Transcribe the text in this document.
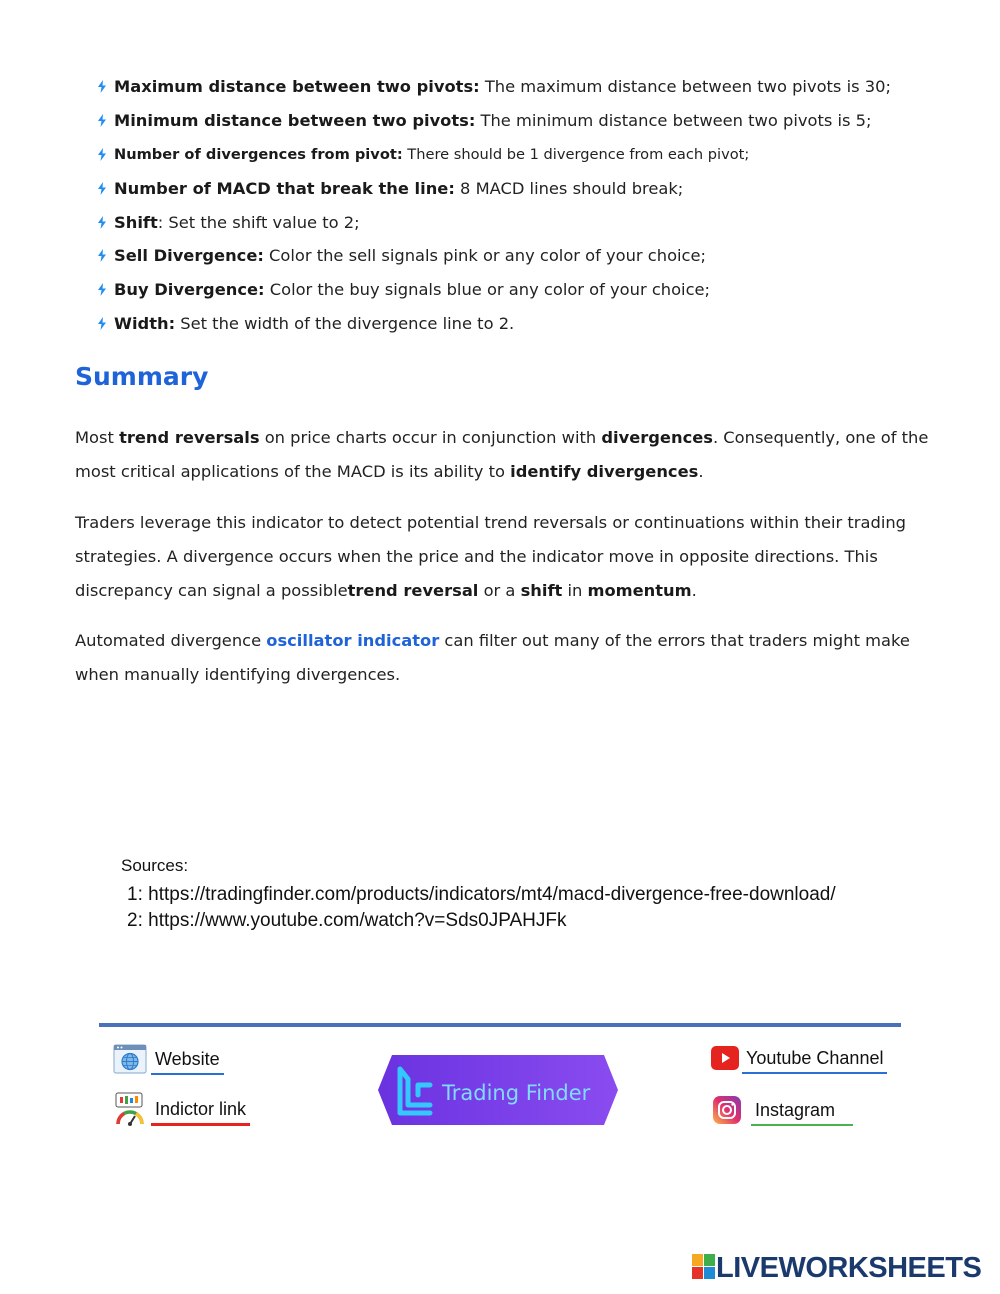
Maximum distance between two pivots: The maximum distance between two pivots is 30;
Minimum distance between two pivots: The minimum distance between two pivots is 5;
Number of divergences from pivot: There should be 1 divergence from each pivot;
Number of MACD that break the line: 8 MACD lines should break;
Shift: Set the shift value to 2;
Sell Divergence: Color the sell signals pink or any color of your choice;
Buy Divergence: Color the buy signals blue or any color of your choice;
Width: Set the width of the divergence line to 2.
Summary

Most trend reversals on price charts occur in conjunction with divergences. Consequently, one of the most critical applications of the MACD is its ability to identify divergences.

Traders leverage this indicator to detect potential trend reversals or continuations within their trading strategies. A divergence occurs when the price and the indicator move in opposite directions. This discrepancy can signal a possibletrend reversal or a shift in momentum.

Automated divergence oscillator indicator can filter out many of the errors that traders might make when manually identifying divergences.

Sources:
1: https://tradingfinder.com/products/indicators/mt4/macd-divergence-free-download/
2: https://www.youtube.com/watch?v=Sds0JPAHJFk
Website
Indictor link
Trading Finder
Youtube Channel
Instagram
LIVEWORKSHEETS
